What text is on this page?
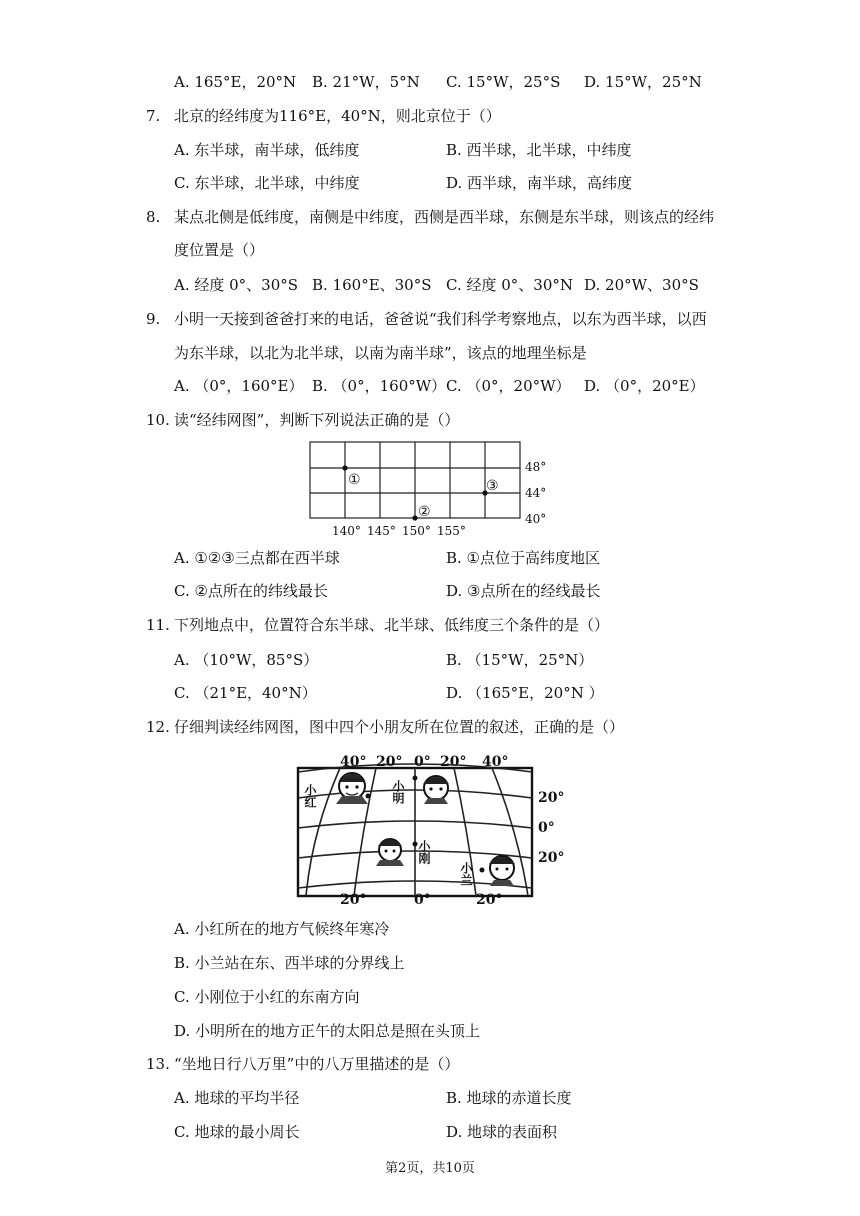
A. 165°E，20°N B. 21°W，5°N C. 15°W，25°S D. 15°W，25°N
7. 北京的经纬度为116°E，40°N，则北京位于（）
A. 东半球，南半球，低纬度	B. 西半球，北半球，中纬度
C. 东半球，北半球，中纬度	D. 西半球，南半球，高纬度
8. 某点北侧是低纬度，南侧是中纬度，西侧是西半球，东侧是东半球，则该点的经纬
度位置是（）
A. 经度 0°、30°S B. 160°E、30°S C. 经度 0°、30°N D. 20°W、30°S
9. 小明一天接到爸爸打来的电话，爸爸说“我们科学考察地点，以东为西半球，以西
为东半球，以北为北半球，以南为南半球”，该点的地理坐标是
A. （0°，160°E） B. （0°，160°W） C. （0°，20°W） D. （0°，20°E）
10. 读“经纬网图”，判断下列说法正确的是（）
①
②
③
48°
44°
40°
140° 145° 150° 155°
A. ①②③三点都在西半球	B. ①点位于高纬度地区
C. ②点所在的纬线最长	D. ③点所在的经线最长
11. 下列地点中，位置符合东半球、北半球、低纬度三个条件的是（）
A. （10°W，85°S）	B. （15°W，25°N）
C. （21°E，40°N）	D. （165°E，20°N ）
12. 仔细判读经纬网图，图中四个小朋友所在位置的叙述，正确的是（）
40° 20° 0° 20° 40°
20°
0°
20°
20°	0°	20°
小红	小明
小刚
小兰
A. 小红所在的地方气候终年寒冷
B. 小兰站在东、西半球的分界线上
C. 小刚位于小红的东南方向
D. 小明所在的地方正午的太阳总是照在头顶上
13. “坐地日行八万里”中的八万里描述的是（）
A. 地球的平均半径	B. 地球的赤道长度
C. 地球的最小周长	D. 地球的表面积
第2页，共10页
